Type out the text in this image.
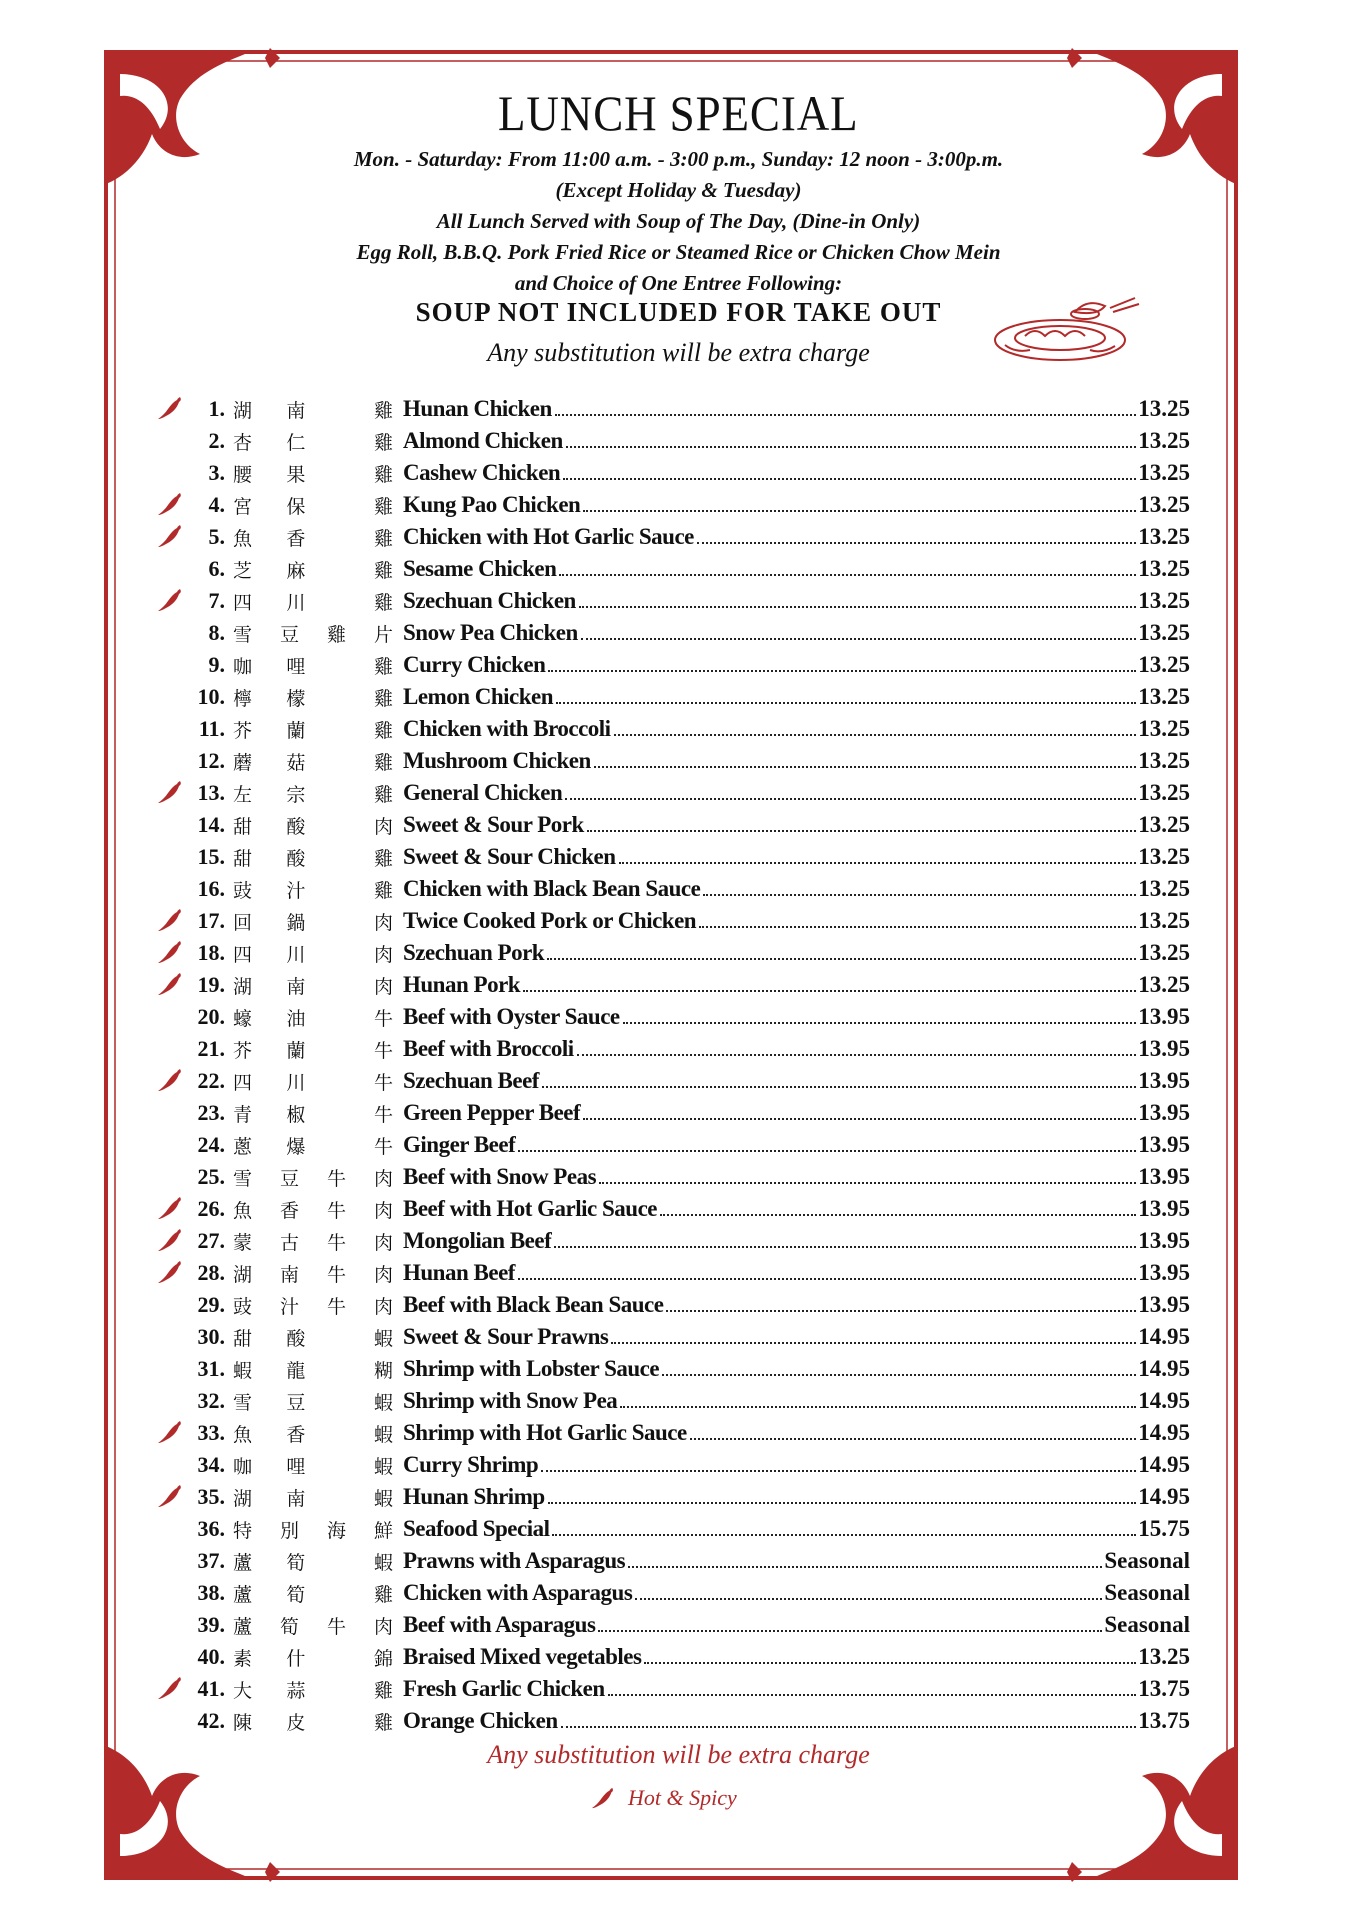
LUNCH SPECIAL
Mon. - Saturday: From 11:00 a.m. - 3:00 p.m., Sunday: 12 noon - 3:00p.m.
(Except Holiday & Tuesday)
All Lunch Served with Soup of The Day, (Dine-in Only)
Egg Roll, B.B.Q. Pork Fried Rice or Steamed Rice or Chicken Chow Mein
and Choice of One Entree Following:
SOUP NOT INCLUDED FOR TAKE OUT
Any substitution will be extra charge
1. 湖 南	雞 Hunan Chicken	13.25
2. 杏 仁	雞 Almond Chicken	13.25
3. 腰 果	雞 Cashew Chicken	13.25
4. 宮 保	雞 Kung Pao Chicken	13.25
5. 魚 香	雞 Chicken with Hot Garlic Sauce	13.25
6. 芝 麻	雞 Sesame Chicken	13.25
7. 四 川	雞 Szechuan Chicken	13.25
8. 雪 豆 雞 片 Snow Pea Chicken	13.25
9. 咖 哩	雞 Curry Chicken	13.25
10. 檸 檬	雞 Lemon Chicken	13.25
11. 芥 蘭	雞 Chicken with Broccoli	13.25
12. 蘑 菇	雞 Mushroom Chicken	13.25
13. 左 宗	雞 General Chicken	13.25
14. 甜 酸	肉 Sweet & Sour Pork	13.25
15. 甜 酸	雞 Sweet & Sour Chicken	13.25
16. 豉 汁	雞 Chicken with Black Bean Sauce	13.25
17. 回 鍋	肉 Twice Cooked Pork or Chicken	13.25
18. 四 川	肉 Szechuan Pork	13.25
19. 湖 南	肉 Hunan Pork	13.25
20. 蠔 油	牛 Beef with Oyster Sauce	13.95
21. 芥 蘭	牛 Beef with Broccoli	13.95
22. 四 川	牛 Szechuan Beef	13.95
23. 青 椒	牛 Green Pepper Beef	13.95
24. 蔥 爆	牛 Ginger Beef	13.95
25. 雪 豆 牛 肉 Beef with Snow Peas	13.95
26. 魚 香 牛 肉 Beef with Hot Garlic Sauce	13.95
27. 蒙 古 牛 肉 Mongolian Beef	13.95
28. 湖 南 牛 肉 Hunan Beef	13.95
29. 豉 汁 牛 肉 Beef with Black Bean Sauce	13.95
30. 甜 酸	蝦 Sweet & Sour Prawns	14.95
31. 蝦 龍	糊 Shrimp with Lobster Sauce	14.95
32. 雪 豆	蝦 Shrimp with Snow Pea	14.95
33. 魚 香	蝦 Shrimp with Hot Garlic Sauce	14.95
34. 咖 哩	蝦 Curry Shrimp	14.95
35. 湖 南	蝦 Hunan Shrimp	14.95
36. 特 別 海 鮮 Seafood Special	15.75
37. 蘆 筍	蝦 Prawns with Asparagus	Seasonal
38. 蘆 筍	雞 Chicken with Asparagus	Seasonal
39. 蘆 筍 牛 肉 Beef with Asparagus	Seasonal
40. 素 什	錦 Braised Mixed vegetables	13.25
41. 大 蒜	雞 Fresh Garlic Chicken	13.75
42. 陳 皮	雞 Orange Chicken	13.75
Any substitution will be extra charge
Hot & Spicy
